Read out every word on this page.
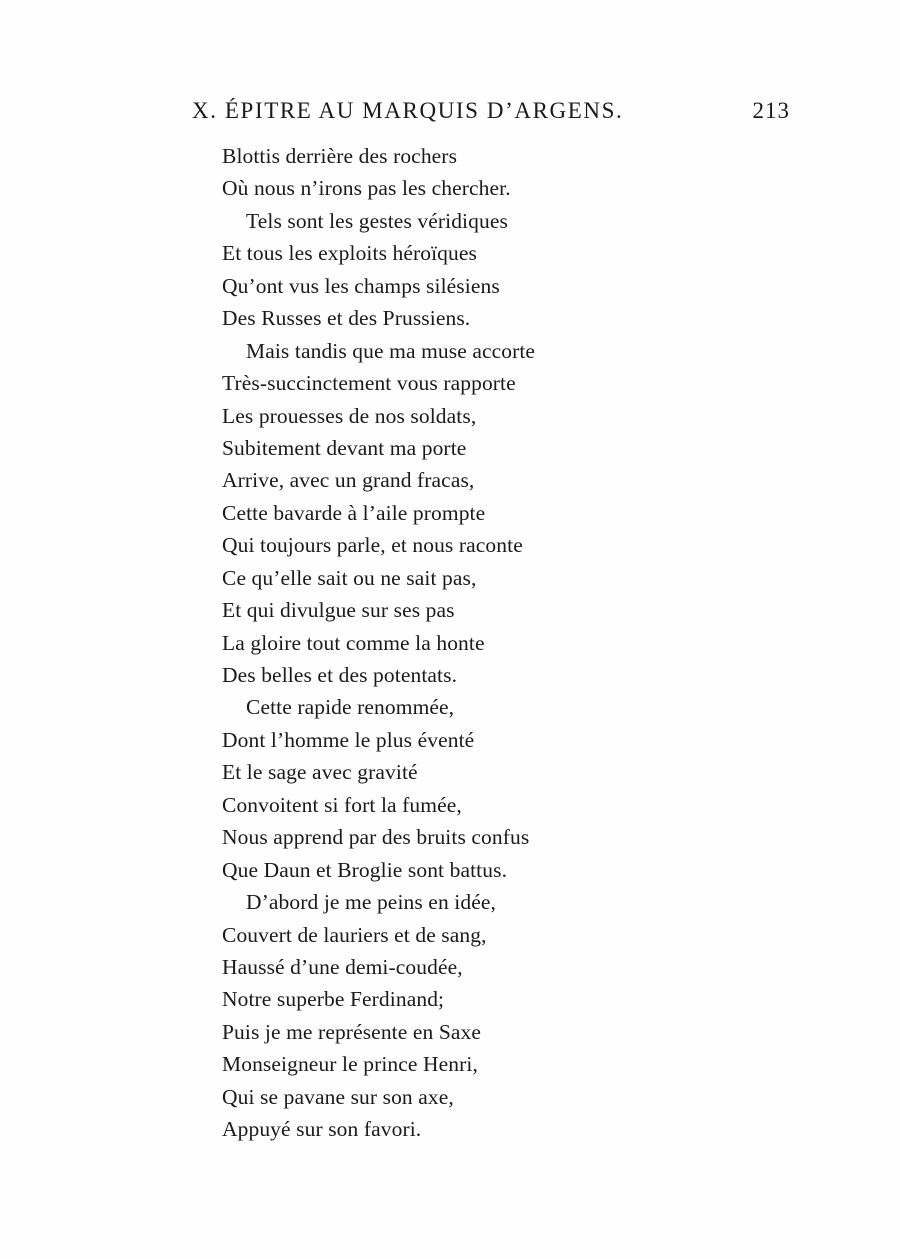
X. ÉPITRE AU MARQUIS D’ARGENS.	213
Blottis derrière des rochers
Où nous n’irons pas les chercher.
Tels sont les gestes véridiques
Et tous les exploits héroïques
Qu’ont vus les champs silésiens
Des Russes et des Prussiens.
Mais tandis que ma muse accorte
Très-succinctement vous rapporte
Les prouesses de nos soldats,
Subitement devant ma porte
Arrive, avec un grand fracas,
Cette bavarde à l’aile prompte
Qui toujours parle, et nous raconte
Ce qu’elle sait ou ne sait pas,
Et qui divulgue sur ses pas
La gloire tout comme la honte
Des belles et des potentats.
Cette rapide renommée,
Dont l’homme le plus éventé
Et le sage avec gravité
Convoitent si fort la fumée,
Nous apprend par des bruits confus
Que Daun et Broglie sont battus.
D’abord je me peins en idée,
Couvert de lauriers et de sang,
Haussé d’une demi-coudée,
Notre superbe Ferdinand;
Puis je me représente en Saxe
Monseigneur le prince Henri,
Qui se pavane sur son axe,
Appuyé sur son favori.
